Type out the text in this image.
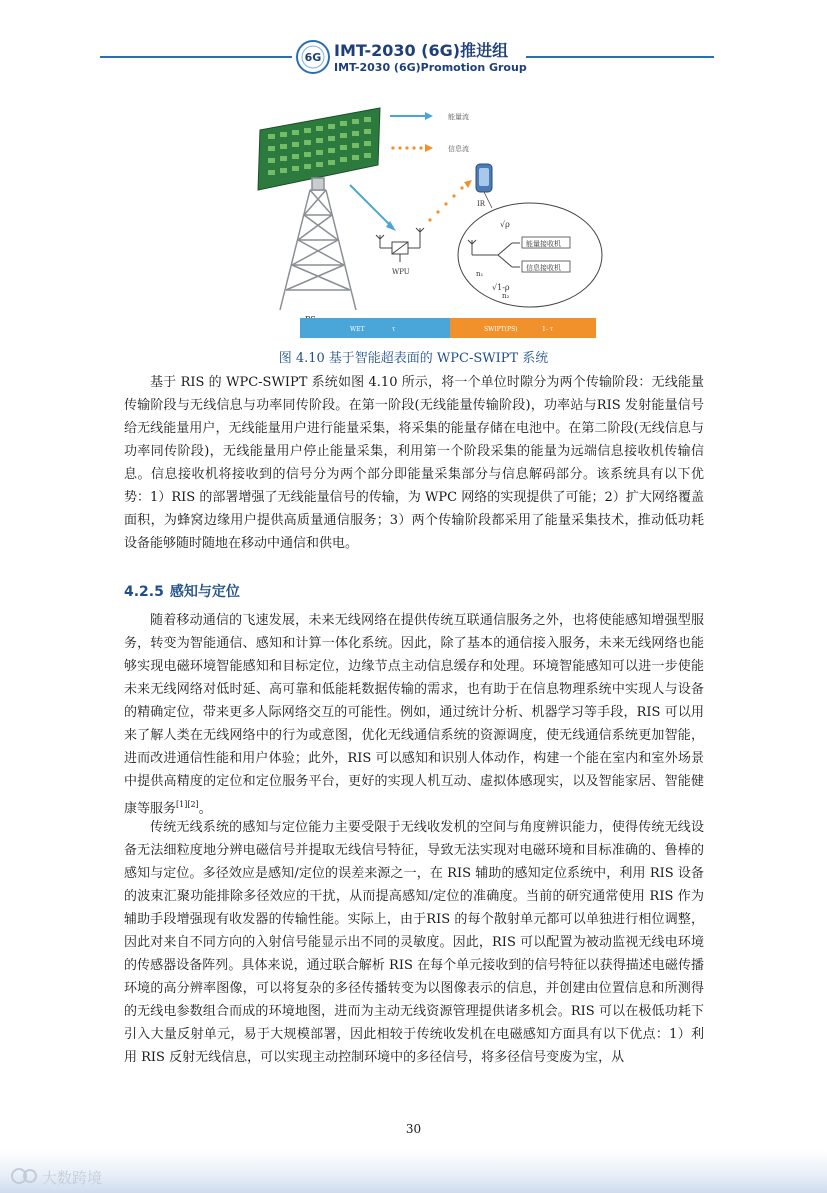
6G IMT-2030 (6G)推进组
IMT-2030 (6G)Promotion Group
能量流
信息流
WPU
IR
√ρ
√1-ρ
能量接收机
信息接收机
n₁
n₂
WET	τ	SWIPT(PS)	1- τ
图 4.10 基于智能超表面的 WPC-SWIPT 系统

基于 RIS 的 WPC-SWIPT 系统如图 4.10 所示，将一个单位时隙分为两个传输阶段：无线能量传输阶段与无线信息与功率同传阶段。在第一阶段(无线能量传输阶段)，功率站与RIS 发射能量信号给无线能量用户，无线能量用户进行能量采集，将采集的能量存储在电池中。在第二阶段(无线信息与功率同传阶段)，无线能量用户停止能量采集，利用第一个阶段采集的能量为远端信息接收机传输信息。信息接收机将接收到的信号分为两个部分即能量采集部分与信息解码部分。该系统具有以下优势：1）RIS 的部署增强了无线能量信号的传输，为 WPC 网络的实现提供了可能；2）扩大网络覆盖面积，为蜂窝边缘用户提供高质量通信服务；3）两个传输阶段都采用了能量采集技术，推动低功耗设备能够随时随地在移动中通信和供电。

4.2.5 感知与定位

随着移动通信的飞速发展，未来无线网络在提供传统互联通信服务之外，也将使能感知增强型服务，转变为智能通信、感知和计算一体化系统。因此，除了基本的通信接入服务，未来无线网络也能够实现电磁环境智能感知和目标定位，边缘节点主动信息缓存和处理。环境智能感知可以进一步使能未来无线网络对低时延、高可靠和低能耗数据传输的需求，也有助于在信息物理系统中实现人与设备的精确定位，带来更多人际网络交互的可能性。例如，通过统计分析、机器学习等手段，RIS 可以用来了解人类在无线网络中的行为或意图，优化无线通信系统的资源调度，使无线通信系统更加智能，进而改进通信性能和用户体验；此外，RIS 可以感知和识别人体动作，构建一个能在室内和室外场景中提供高精度的定位和定位服务平台，更好的实现人机互动、虚拟体感现实，以及智能家居、智能健康等服务[1][2]。

传统无线系统的感知与定位能力主要受限于无线收发机的空间与角度辨识能力，使得传统无线设备无法细粒度地分辨电磁信号并提取无线信号特征，导致无法实现对电磁环境和目标准确的、鲁棒的感知与定位。多径效应是感知/定位的误差来源之一，在 RIS 辅助的感知定位系统中，利用 RIS 设备的波束汇聚功能排除多径效应的干扰，从而提高感知/定位的准确度。当前的研究通常使用 RIS 作为辅助手段增强现有收发器的传输性能。实际上，由于RIS 的每个散射单元都可以单独进行相位调整，因此对来自不同方向的入射信号能显示出不同的灵敏度。因此，RIS 可以配置为被动监视无线电环境的传感器设备阵列。具体来说，通过联合解析 RIS 在每个单元接收到的信号特征以获得描述电磁传播环境的高分辨率图像，可以将复杂的多径传播转变为以图像表示的信息，并创建由位置信息和所测得的无线电参数组合而成的环境地图，进而为主动无线资源管理提供诸多机会。RIS 可以在极低功耗下引入大量反射单元，易于大规模部署，因此相较于传统收发机在电磁感知方面具有以下优点：1）利用 RIS 反射无线信息，可以实现主动控制环境中的多径信号，将多径信号变废为宝，从

30
大数跨境
